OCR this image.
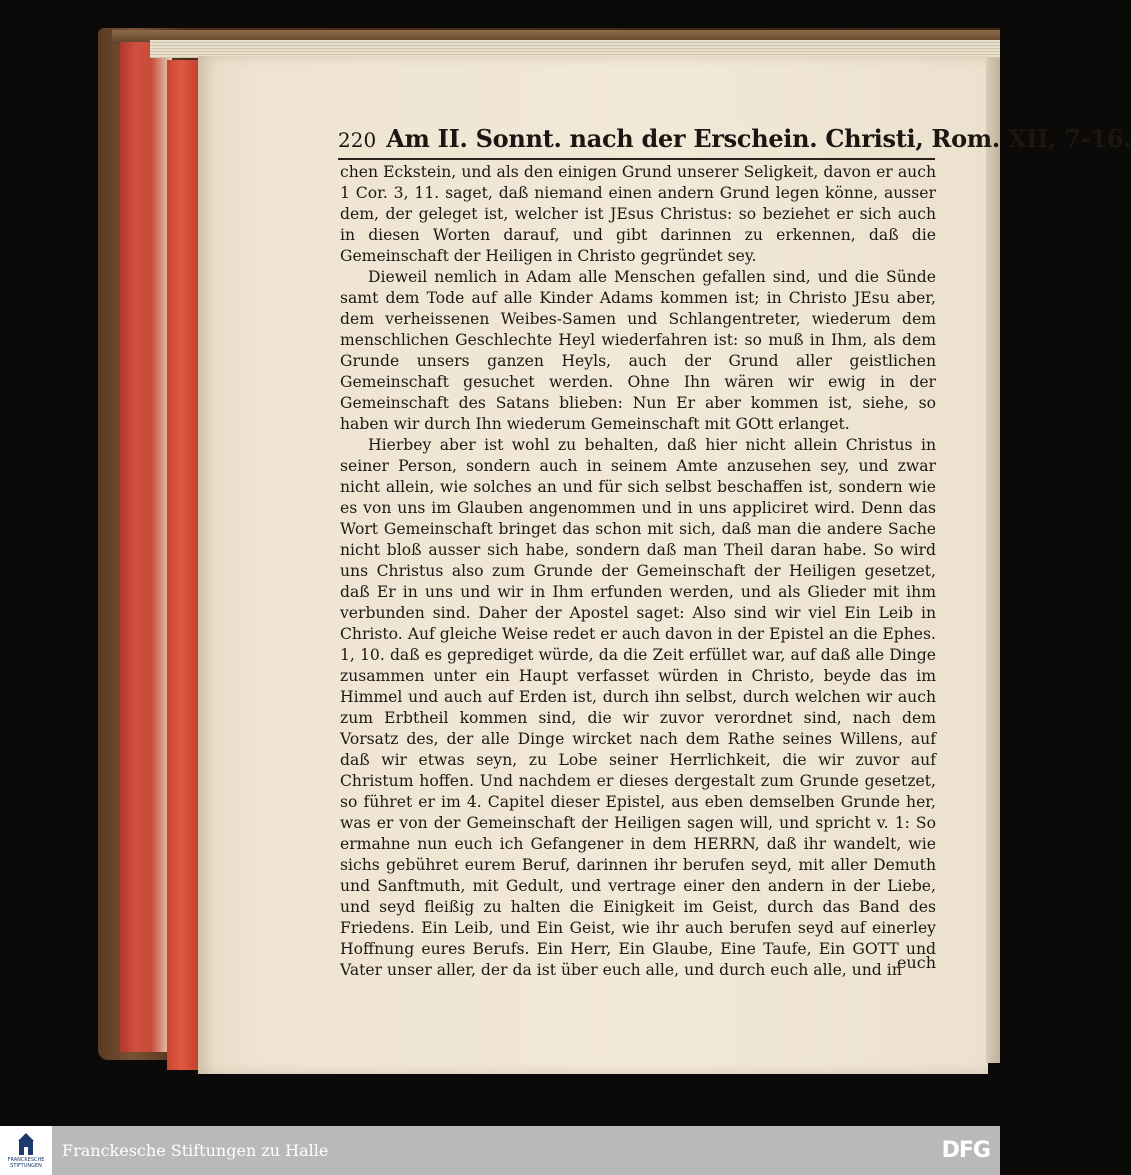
220 Am II. Sonnt. nach der Erschein. Christi, Rom. XII, 7-16.

chen Eckstein, und als den einigen Grund unserer Seligkeit, davon er auch 1 Cor. 3, 11. saget, daß niemand einen andern Grund legen könne, ausser dem, der geleget ist, welcher ist JEsus Christus: so beziehet er sich auch in diesen Worten darauf, und gibt darinnen zu erkennen, daß die Gemeinschaft der Heiligen in Christo gegründet sey.

Dieweil nemlich in Adam alle Menschen gefallen sind, und die Sünde samt dem Tode auf alle Kinder Adams kommen ist; in Christo JEsu aber, dem verheissenen Weibes-Samen und Schlangentreter, wiederum dem menschlichen Geschlechte Heyl wiederfahren ist: so muß in Ihm, als dem Grunde unsers ganzen Heyls, auch der Grund aller geistlichen Gemeinschaft gesuchet werden. Ohne Ihn wären wir ewig in der Gemeinschaft des Satans blieben: Nun Er aber kommen ist, siehe, so haben wir durch Ihn wiederum Gemeinschaft mit GOtt erlanget.

Hierbey aber ist wohl zu behalten, daß hier nicht allein Christus in seiner Person, sondern auch in seinem Amte anzusehen sey, und zwar nicht allein, wie solches an und für sich selbst beschaffen ist, sondern wie es von uns im Glauben angenommen und in uns appliciret wird. Denn das Wort Gemeinschaft bringet das schon mit sich, daß man die andere Sache nicht bloß ausser sich habe, sondern daß man Theil daran habe. So wird uns Christus also zum Grunde der Gemeinschaft der Heiligen gesetzet, daß Er in uns und wir in Ihm erfunden werden, und als Glieder mit ihm verbunden sind. Daher der Apostel saget: Also sind wir viel Ein Leib in Christo. Auf gleiche Weise redet er auch davon in der Epistel an die Ephes. 1, 10. daß es geprediget würde, da die Zeit erfüllet war, auf daß alle Dinge zusammen unter ein Haupt verfasset würden in Christo, beyde das im Himmel und auch auf Erden ist, durch ihn selbst, durch welchen wir auch zum Erbtheil kommen sind, die wir zuvor verordnet sind, nach dem Vorsatz des, der alle Dinge wircket nach dem Rathe seines Willens, auf daß wir etwas seyn, zu Lobe seiner Herrlichkeit, die wir zuvor auf Christum hoffen. Und nachdem er dieses dergestalt zum Grunde gesetzet, so führet er im 4. Capitel dieser Epistel, aus eben demselben Grunde her, was er von der Gemeinschaft der Heiligen sagen will, und spricht v. 1: So ermahne nun euch ich Gefangener in dem HERRN, daß ihr wandelt, wie sichs gebühret eurem Beruf, darinnen ihr berufen seyd, mit aller Demuth und Sanftmuth, mit Gedult, und vertrage einer den andern in der Liebe, und seyd fleißig zu halten die Einigkeit im Geist, durch das Band des Friedens. Ein Leib, und Ein Geist, wie ihr auch berufen seyd auf einerley Hoffnung eures Berufs. Ein Herr, Ein Glaube, Eine Taufe, Ein GOTT und Vater unser aller, der da ist über euch alle, und durch euch alle, und in

euch
FRANCKESCHE
STIFTUNGEN
Franckesche Stiftungen zu Halle	DFG
